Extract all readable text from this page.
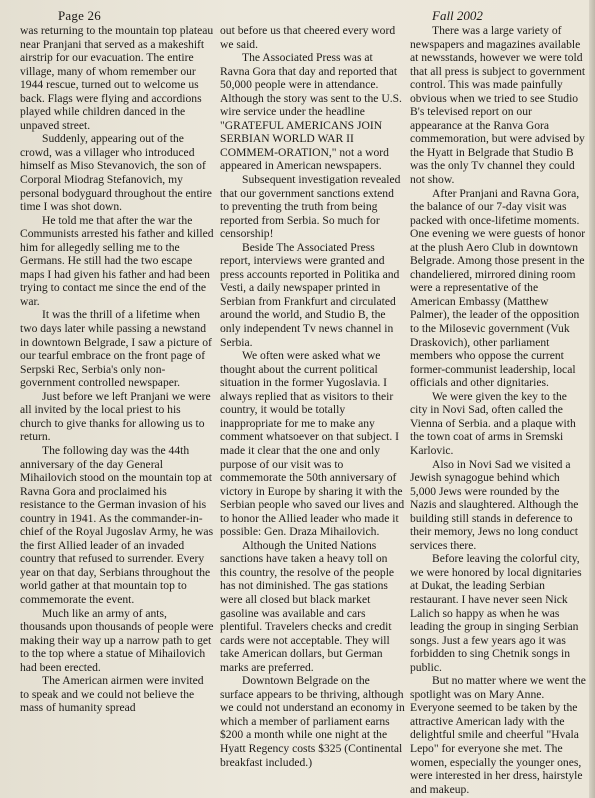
Page 26	Fall 2002

was returning to the mountain top plateau near Pranjani that served as a makeshift airstrip for our evacuation. The entire village, many of whom remember our 1944 rescue, turned out to welcome us back. Flags were flying and accordions played while children danced in the unpaved street.

Suddenly, appearing out of the crowd, was a villager who introduced himself as Miso Stevanovich, the son of Corporal Miodrag Stefanovich, my personal bodyguard throughout the entire time I was shot down.

He told me that after the war the Communists arrested his father and killed him for allegedly selling me to the Germans. He still had the two escape maps I had given his father and had been trying to contact me since the end of the war.

It was the thrill of a lifetime when two days later while passing a newstand in downtown Belgrade, I saw a picture of our tearful embrace on the front page of Serpski Rec, Serbia's only non-government controlled newspaper.

Just before we left Pranjani we were all invited by the local priest to his church to give thanks for allowing us to return.

The following day was the 44th anniversary of the day General Mihailovich stood on the mountain top at Ravna Gora and proclaimed his resistance to the German invasion of his country in 1941. As the commander-in-chief of the Royal Jugoslav Army, he was the first Allied leader of an invaded country that refused to surrender. Every year on that day, Serbians throughout the world gather at that mountain top to commemorate the event.

Much like an army of ants, thousands upon thousands of people were making their way up a narrow path to get to the top where a statue of Mihailovich had been erected.

The American airmen were invited to speak and we could not believe the mass of humanity spread

out before us that cheered every word we said.

The Associated Press was at Ravna Gora that day and reported that 50,000 people were in attendance. Although the story was sent to the U.S. wire service under the headline "GRATEFUL AMERICANS JOIN SERBIAN WORLD WAR II COMMEM-ORATION," not a word appeared in American newspapers.

Subsequent investigation revealed that our government sanctions extend to preventing the truth from being reported from Serbia. So much for censorship!

Beside The Associated Press report, interviews were granted and press accounts reported in Politika and Vesti, a daily newspaper printed in Serbian from Frankfurt and circulated around the world, and Studio B, the only independent Tv news channel in Serbia.

We often were asked what we thought about the current political situation in the former Yugoslavia. I always replied that as visitors to their country, it would be totally inappropriate for me to make any comment whatsoever on that subject. I made it clear that the one and only purpose of our visit was to commemorate the 50th anniversary of victory in Europe by sharing it with the Serbian people who saved our lives and to honor the Allied leader who made it possible: Gen. Draza Mihailovich.

Although the United Nations sanctions have taken a heavy toll on this country, the resolve of the people has not diminished. The gas stations were all closed but black market gasoline was available and cars plentiful. Travelers checks and credit cards were not acceptable. They will take American dollars, but German marks are preferred.

Downtown Belgrade on the surface appears to be thriving, although we could not understand an economy in which a member of parliament earns $200 a month while one night at the Hyatt Regency costs $325 (Continental breakfast included.)

There was a large variety of newspapers and magazines available at newsstands, however we were told that all press is subject to government control. This was made painfully obvious when we tried to see Studio B's televised report on our appearance at the Ranva Gora commemoration, but were advised by the Hyatt in Belgrade that Studio B was the only Tv channel they could not show.

After Pranjani and Ravna Gora, the balance of our 7-day visit was packed with once-lifetime moments. One evening we were guests of honor at the plush Aero Club in downtown Belgrade. Among those present in the chandeliered, mirrored dining room were a representative of the American Embassy (Matthew Palmer), the leader of the opposition to the Milosevic government (Vuk Draskovich), other parliament members who oppose the current former-communist leadership, local officials and other dignitaries.

We were given the key to the city in Novi Sad, often called the Vienna of Serbia. and a plaque with the town coat of arms in Sremski Karlovic.

Also in Novi Sad we visited a Jewish synagogue behind which 5,000 Jews were rounded by the Nazis and slaughtered. Although the building still stands in deference to their memory, Jews no long conduct services there.

Before leaving the colorful city, we were honored by local dignitaries at Dukat, the leading Serbian restaurant. I have never seen Nick Lalich so happy as when he was leading the group in singing Serbian songs. Just a few years ago it was forbidden to sing Chetnik songs in public.

But no matter where we went the spotlight was on Mary Anne. Everyone seemed to be taken by the attractive American lady with the delightful smile and cheerful "Hvala Lepo" for everyone she met. The women, especially the younger ones, were interested in her dress, hairstyle and makeup.
